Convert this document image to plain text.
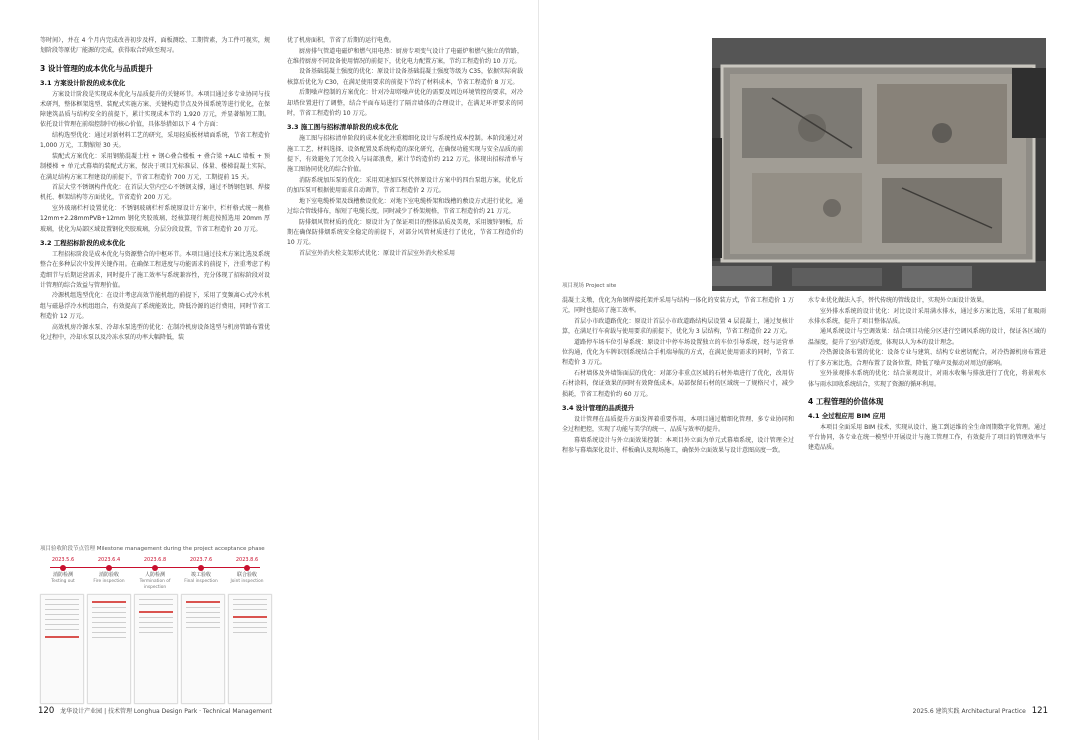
等时间），并在 4 个月内完成改善初步及样，面板测绘、工期管素，为工件可视实，规划阶段等原优厂能源的完成，获得取合约收至现习。

3 设计管理的成本优化与品质提升
3.1 方案设计阶段的成本优化

方案设计阶段是实现成本优化与品质提升的关键环节。本项目通过多专业协同与技术研判，整体框架选型、装配式实施方案、关键构造节点及外围系统等进行优化，在保障建筑品质与结构安全的前提下，累计实现成本节约 1,920 万元，并显著缩短工期。依托设计管理在前端控制中的核心价值，具体举措如以下 4 个方面：

结构选型优化：通过对新材料工艺的研究，采用轻质板材墙面系统，节省工程造价 1,000 万元，工期缩短 30 天。

装配式方案优化：采用钢筋混凝土柱 + 钢心叠合楼板 + 叠合梁 +ALC 墙板 + 预制楼梯 + 单元式幕墙的装配式方案，保决于项目无标准层、体量、楼梯混凝土实际，在满足结构方案工程建设的前提下，节省工程造价 700 万元，工期提前 15 天。

首层大堂不锈钢构件优化：在首层大堂内空心不锈钢支撑，通过不锈钢包钢、焊接机托、框架结构等方面优化，节省造价 200 万元。

室外玻璃栏杆设置优化：不锈钢玻璃栏杆系统原设计方案中，栏杆格式统一规格 12mm+2.28mmPVB+12mm 钢化夹胶玻璃，经核算现行规范按照选用 20mm 厚玻璃，优化为局部区域设置钢化夹胶玻璃，分层分段设置，节省工程造价 20 万元。

3.2 工程招标阶段的成本优化

工程招标阶段是成本优化与资源整合的中枢环节。本项目通过技术方案比选及系统整合在多种层次中发挥关键作用。在确保工程进度与功能需求的前提下，注重考虑了构造细节与后期运营需求，同时提升了施工效率与系统兼容性，充分体现了招标阶段对设计管理的综合效益与管理价值。

冷源机组选型优化：在设计考虑高效节能机组的前提下，采用了变频离心式冷水机组与磁悬浮冷水机组组合，有效提高了系统能效比，降低冷源的运行费用，同时节省工程造价 12 万元。

高效机房冷源水泵、冷却水泵选型的优化：在制冷机房设备选型与机房管路布置优化过程中，冷却水泵以及冷冻水泵的功率大幅降低，装

项目验收阶段节点管理 Milestone management during the project acceptance phase
2023.5.6
消防检测
Testing out
2023.6.4
消防验收
Fire inspection
2023.6.8
人防检测
Termination of inspection
2023.7.6
竣工验收
Final inspection
2023.8.6
联合验收
Joint inspection

优了机房面积，节省了后期的运行电费。

厨房排气管道电磁炉和燃气用电热：厨房专项变气设计了电磁炉和燃气独立的管路，在维持厨房不同设备使用情况的前提下，优化电力配置方案，节约工程造价约 10 万元。

设备基础混凝土强度的优化：原设计设备基础混凝土强度等级为 C35，依据实际荷载核算后优化为 C30，在满足使用要求的前提下节约了材料成本，节省工程造价 8 万元。

后期噪声控制的方案优化：针对冷却塔噪声优化的需要及周边环境管控的要求，对冷却塔位置进行了调整，结合平面布局进行了隔音墙体的合理设计，在满足环评要求的同时，节省工程造价约 10 万元。

3.3 施工图与招标清单阶段的成本优化

施工图与招标清单阶段的成本优化注重精细化设计与系统性成本控制。本阶段通过对施工工艺、材料选择、设备配置及系统构造的深化研究，在确保功能实现与安全品质的前提下，有效避免了冗余投入与局部浪费，累计节约造价约 212 万元，体现出招标清单与施工图协同优化的综合价值。

消防系统加压泵的优化：采用双速加压泵代替原设计方案中的四台泵组方案，优化后的加压泵可根据使用需求自动调节，节省工程造价 2 万元。

地下室电缆桥架及线槽敷设优化：对地下室电缆桥架和线槽的敷设方式进行优化，通过综合管线排布，缩短了电缆长度，同时减少了桥架规格，节省工程造价约 21 万元。

防排烟风管材质的优化：原设计为了保证项目的整体品质及美观，采用镀锌钢板，后期在确保防排烟系统安全稳定的前提下，对部分风管材质进行了优化，节省工程造价约 10 万元。

首层室外消火栓支架形式优化：原设计首层室外消火栓采用

项目现场 Project site

混凝土支墩，优化为角钢焊接托架并采用与结构一体化的安装方式，节省工程造价 1 万元，同时也提高了施工效率。

首层小市政道路优化：原设计首层小市政道路结构层设置 4 层混凝土，通过复核计算，在满足行车荷载与使用要求的前提下，优化为 3 层结构，节省工程造价 22 万元。

道路停车场车位引导系统：原设计中停车场设置独立的车位引导系统，经与运营单位沟通，优化为车牌识别系统结合手机端导航的方式，在满足使用需求的同时，节省工程造价 3 万元。

石材墙体及外墙饰面层的优化：对部分非重点区域的石材外墙进行了优化，改用仿石材涂料，保证效果的同时有效降低成本。局部保留石材的区域统一了规格尺寸，减少损耗，节省工程造价约 60 万元。

3.4 设计管理的品质提升

设计管理在品质提升方面发挥着重要作用，本项目通过精细化管理、多专业协同和全过程把控，实现了功能与美学的统一、品质与效率的提升。

幕墙系统设计与外立面效果控制：本项目外立面为单元式幕墙系统，设计管理全过程参与幕墙深化设计、样板确认及现场施工，确保外立面效果与设计意图高度一致。

水专业优化做法入手，替代传统的管线设计，实现外立面设计效果。

室外排水系统的设计优化：对比设计采用满水排水，通过多方案比选，采用了虹吸雨水排水系统，提升了项目整体品质。

通风系统设计与空调效果：结合项目功能分区进行空调风系统的设计，保证各区域的温湿度，提升了室内舒适度，体现以人为本的设计理念。

冷热源设备布置的优化：设备专业与建筑、结构专业密切配合，对冷热源机房布置进行了多方案比选，合理布置了设备位置，降低了噪声及振动对周边的影响。

室外景观排水系统的优化：结合景观设计，对雨水收集与排放进行了优化，将景观水体与雨水回收系统结合，实现了资源的循环利用。

4 工程管理的价值体现
4.1 全过程应用 BIM 应用

本项目全面采用 BIM 技术，实现从设计、施工到运维的全生命周期数字化管理。通过平台协同，各专业在统一模型中开展设计与施工管理工作，有效提升了项目的管理效率与建造品质。

120 龙华设计产业园 | 技术管理 Longhua Design Park · Technical Management	2025.6 建筑实践 Architectural Practice 121
